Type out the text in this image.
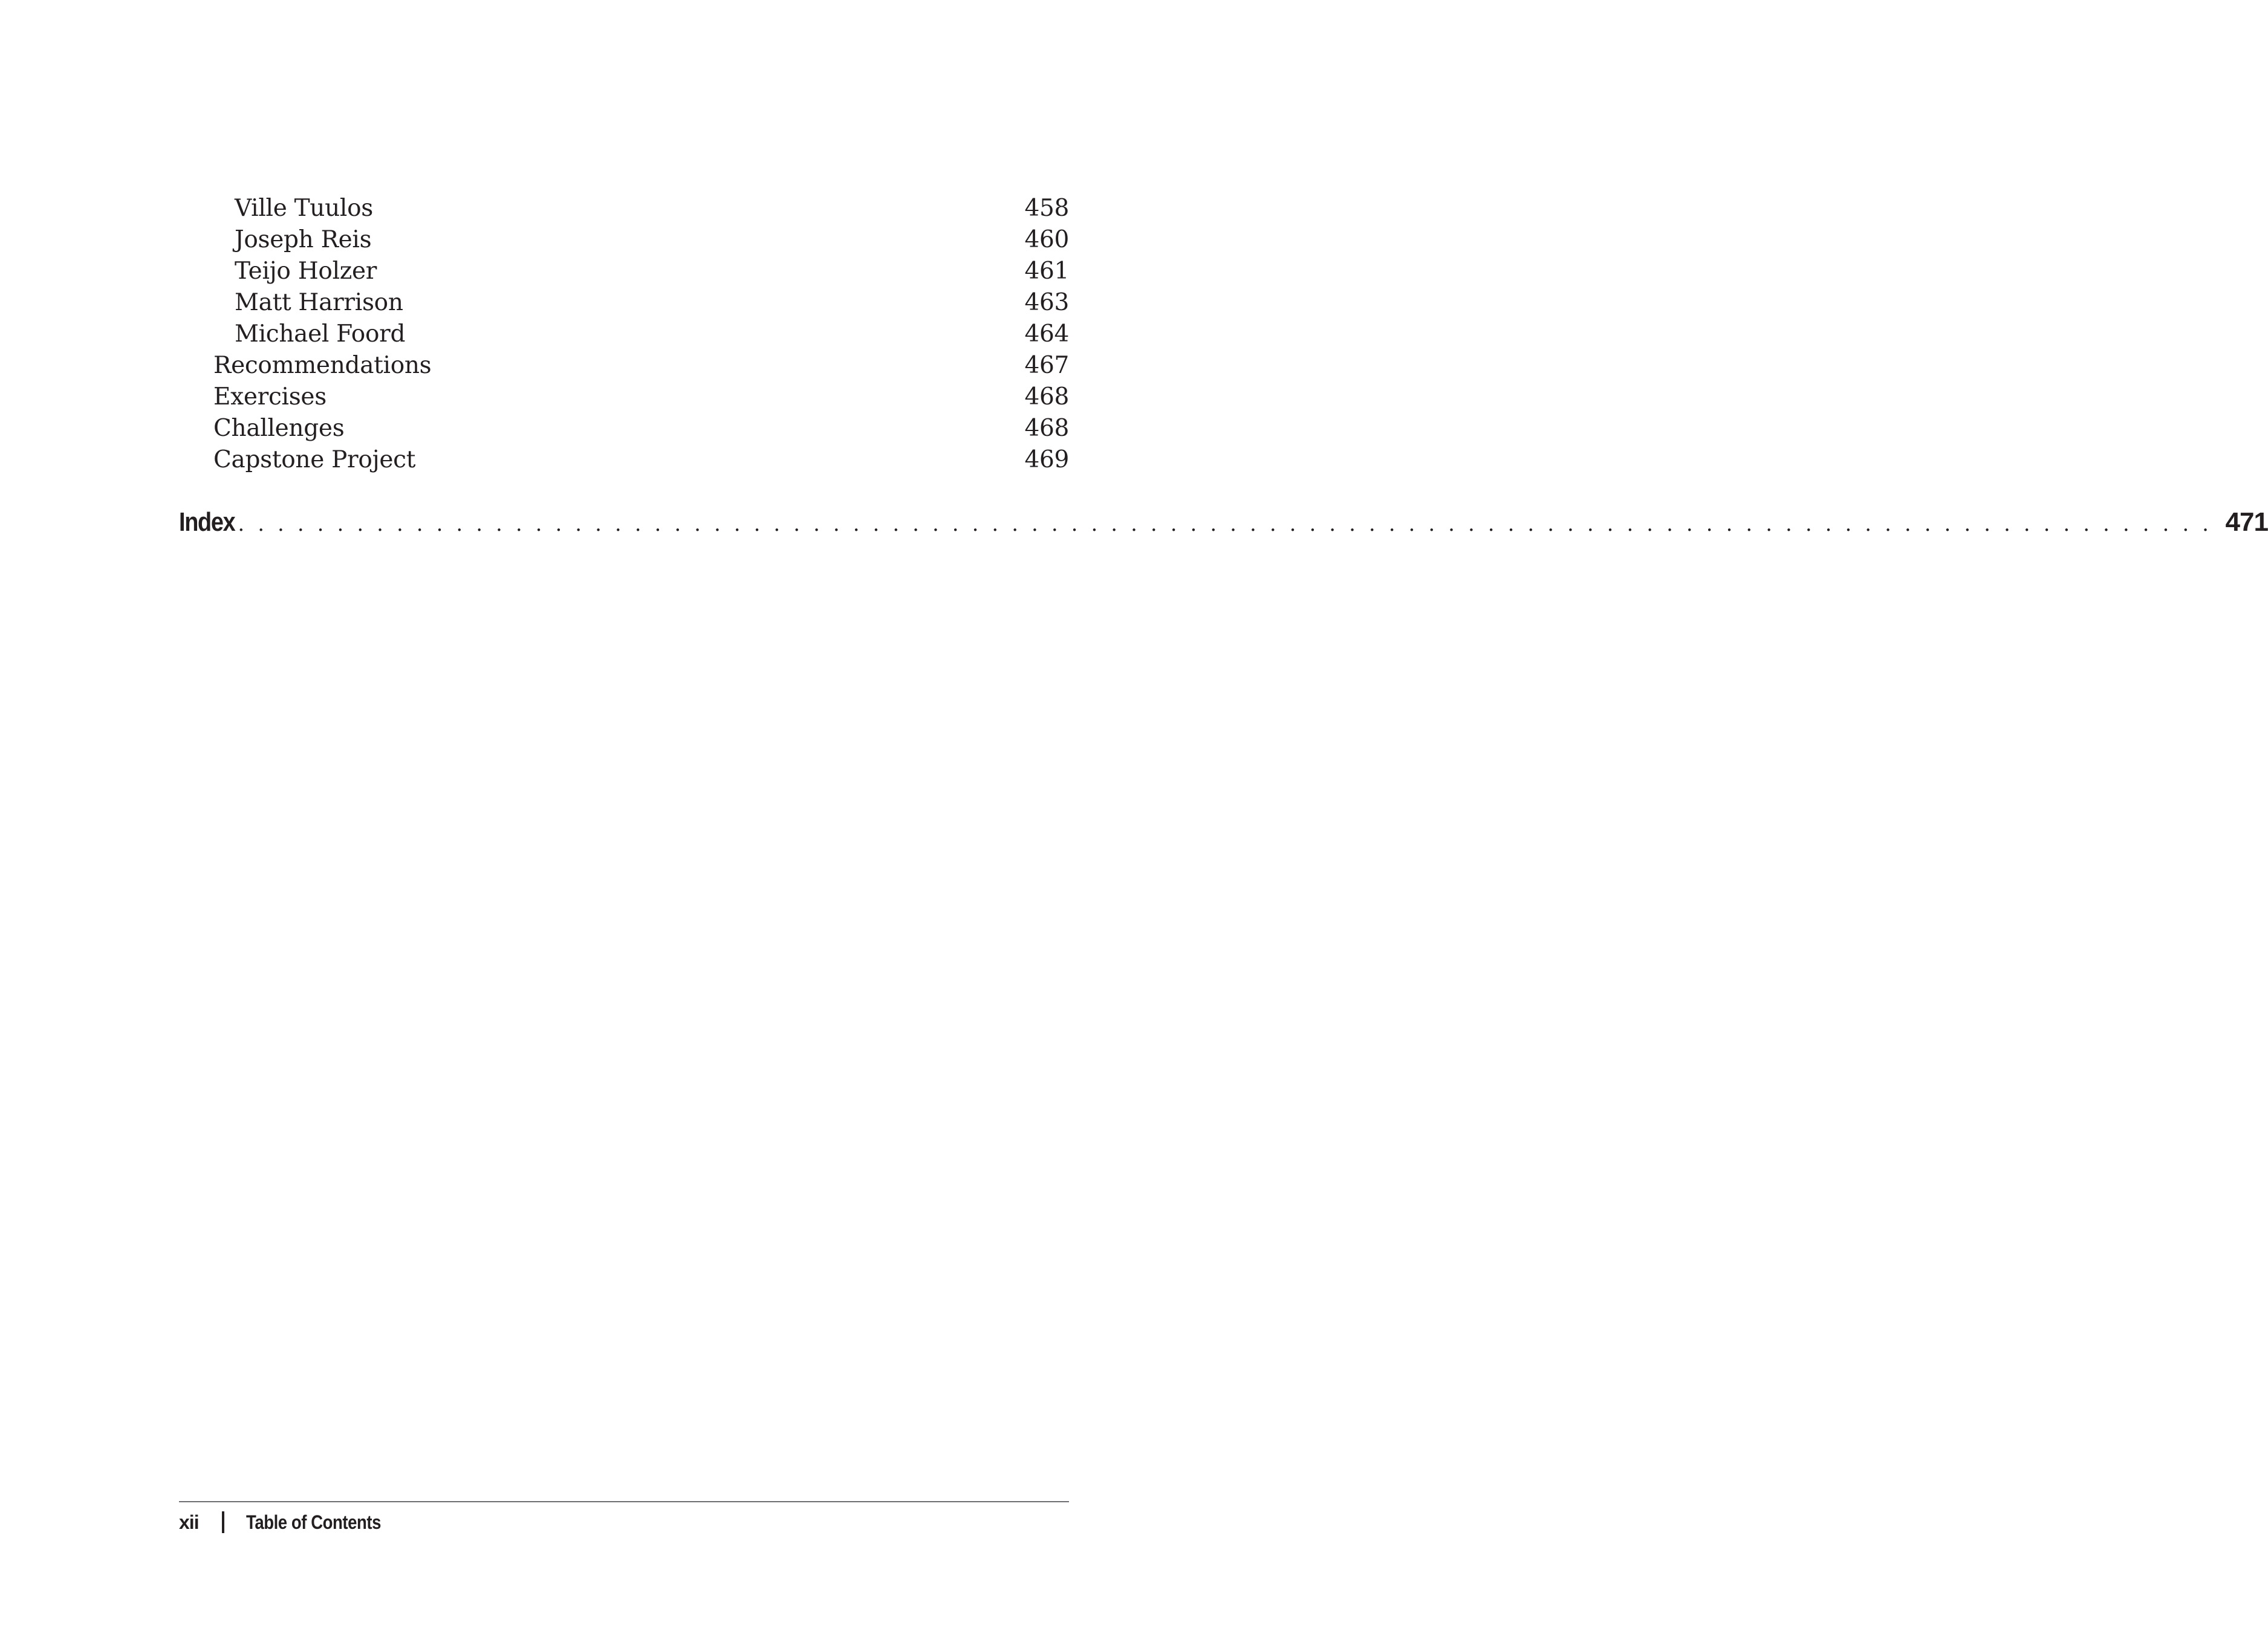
Ville Tuulos	458
Joseph Reis	460
Teijo Holzer	461
Matt Harrison	463
Michael Foord	464
Recommendations	467
Exercises	468
Challenges	468
Capstone Project	469
Index . . . . . . . . . . . . . . . . . . . . . . . . . . . . . . . . . . . . . . . . . . . . . . . . . . . . . . . . . . . . . . . . . . . . . . . . . . . . . . . . . . . . . . . . . . . . . . . . . . . . 471
xii Table of Contents
